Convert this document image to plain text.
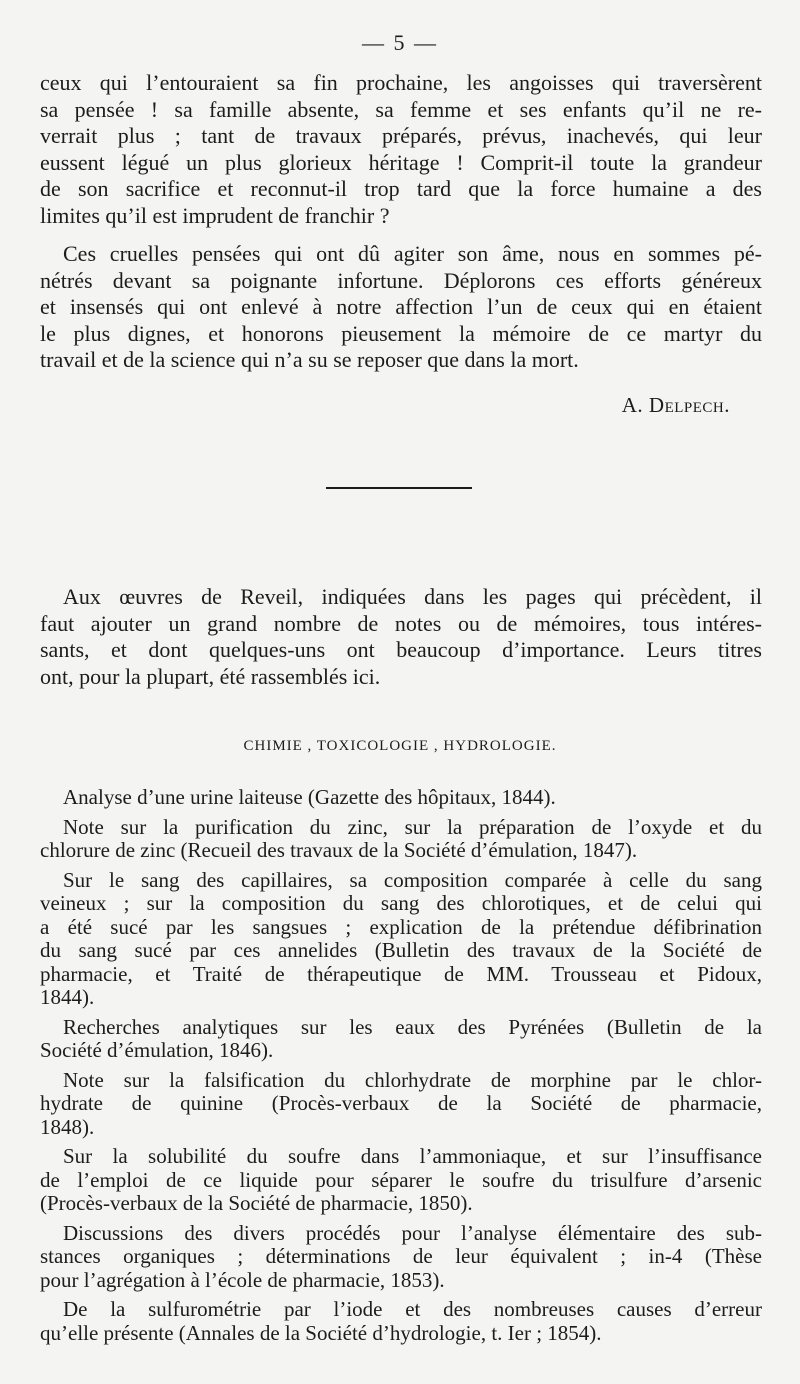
— 5 —
ceux qui l’entouraient sa fin prochaine, les angoisses qui traversèrent
sa pensée ! sa famille absente, sa femme et ses enfants qu’il ne re-
verrait plus ; tant de travaux préparés, prévus, inachevés, qui leur
eussent légué un plus glorieux héritage ! Comprit-il toute la grandeur
de son sacrifice et reconnut-il trop tard que la force humaine a des
limites qu’il est imprudent de franchir ?
Ces cruelles pensées qui ont dû agiter son âme, nous en sommes pé-
nétrés devant sa poignante infortune. Déplorons ces efforts généreux
et insensés qui ont enlevé à notre affection l’un de ceux qui en étaient
le plus dignes, et honorons pieusement la mémoire de ce martyr du
travail et de la science qui n’a su se reposer que dans la mort.
A. Delpech.
Aux œuvres de Reveil, indiquées dans les pages qui précèdent, il
faut ajouter un grand nombre de notes ou de mémoires, tous intéres-
sants, et dont quelques-uns ont beaucoup d’importance. Leurs titres
ont, pour la plupart, été rassemblés ici.
CHIMIE , TOXICOLOGIE , HYDROLOGIE.
Analyse d’une urine laiteuse (Gazette des hôpitaux, 1844).
Note sur la purification du zinc, sur la préparation de l’oxyde et du
chlorure de zinc (Recueil des travaux de la Société d’émulation, 1847).
Sur le sang des capillaires, sa composition comparée à celle du sang
veineux ; sur la composition du sang des chlorotiques, et de celui qui
a été sucé par les sangsues ; explication de la prétendue défibrination
du sang sucé par ces annelides (Bulletin des travaux de la Société de
pharmacie, et Traité de thérapeutique de MM. Trousseau et Pidoux,
1844).
Recherches analytiques sur les eaux des Pyrénées (Bulletin de la
Société d’émulation, 1846).
Note sur la falsification du chlorhydrate de morphine par le chlor-
hydrate de quinine (Procès-verbaux de la Société de pharmacie,
1848).
Sur la solubilité du soufre dans l’ammoniaque, et sur l’insuffisance
de l’emploi de ce liquide pour séparer le soufre du trisulfure d’arsenic
(Procès-verbaux de la Société de pharmacie, 1850).
Discussions des divers procédés pour l’analyse élémentaire des sub-
stances organiques ; déterminations de leur équivalent ; in-4 (Thèse
pour l’agrégation à l’école de pharmacie, 1853).
De la sulfurométrie par l’iode et des nombreuses causes d’erreur
qu’elle présente (Annales de la Société d’hydrologie, t. Ier ; 1854).
